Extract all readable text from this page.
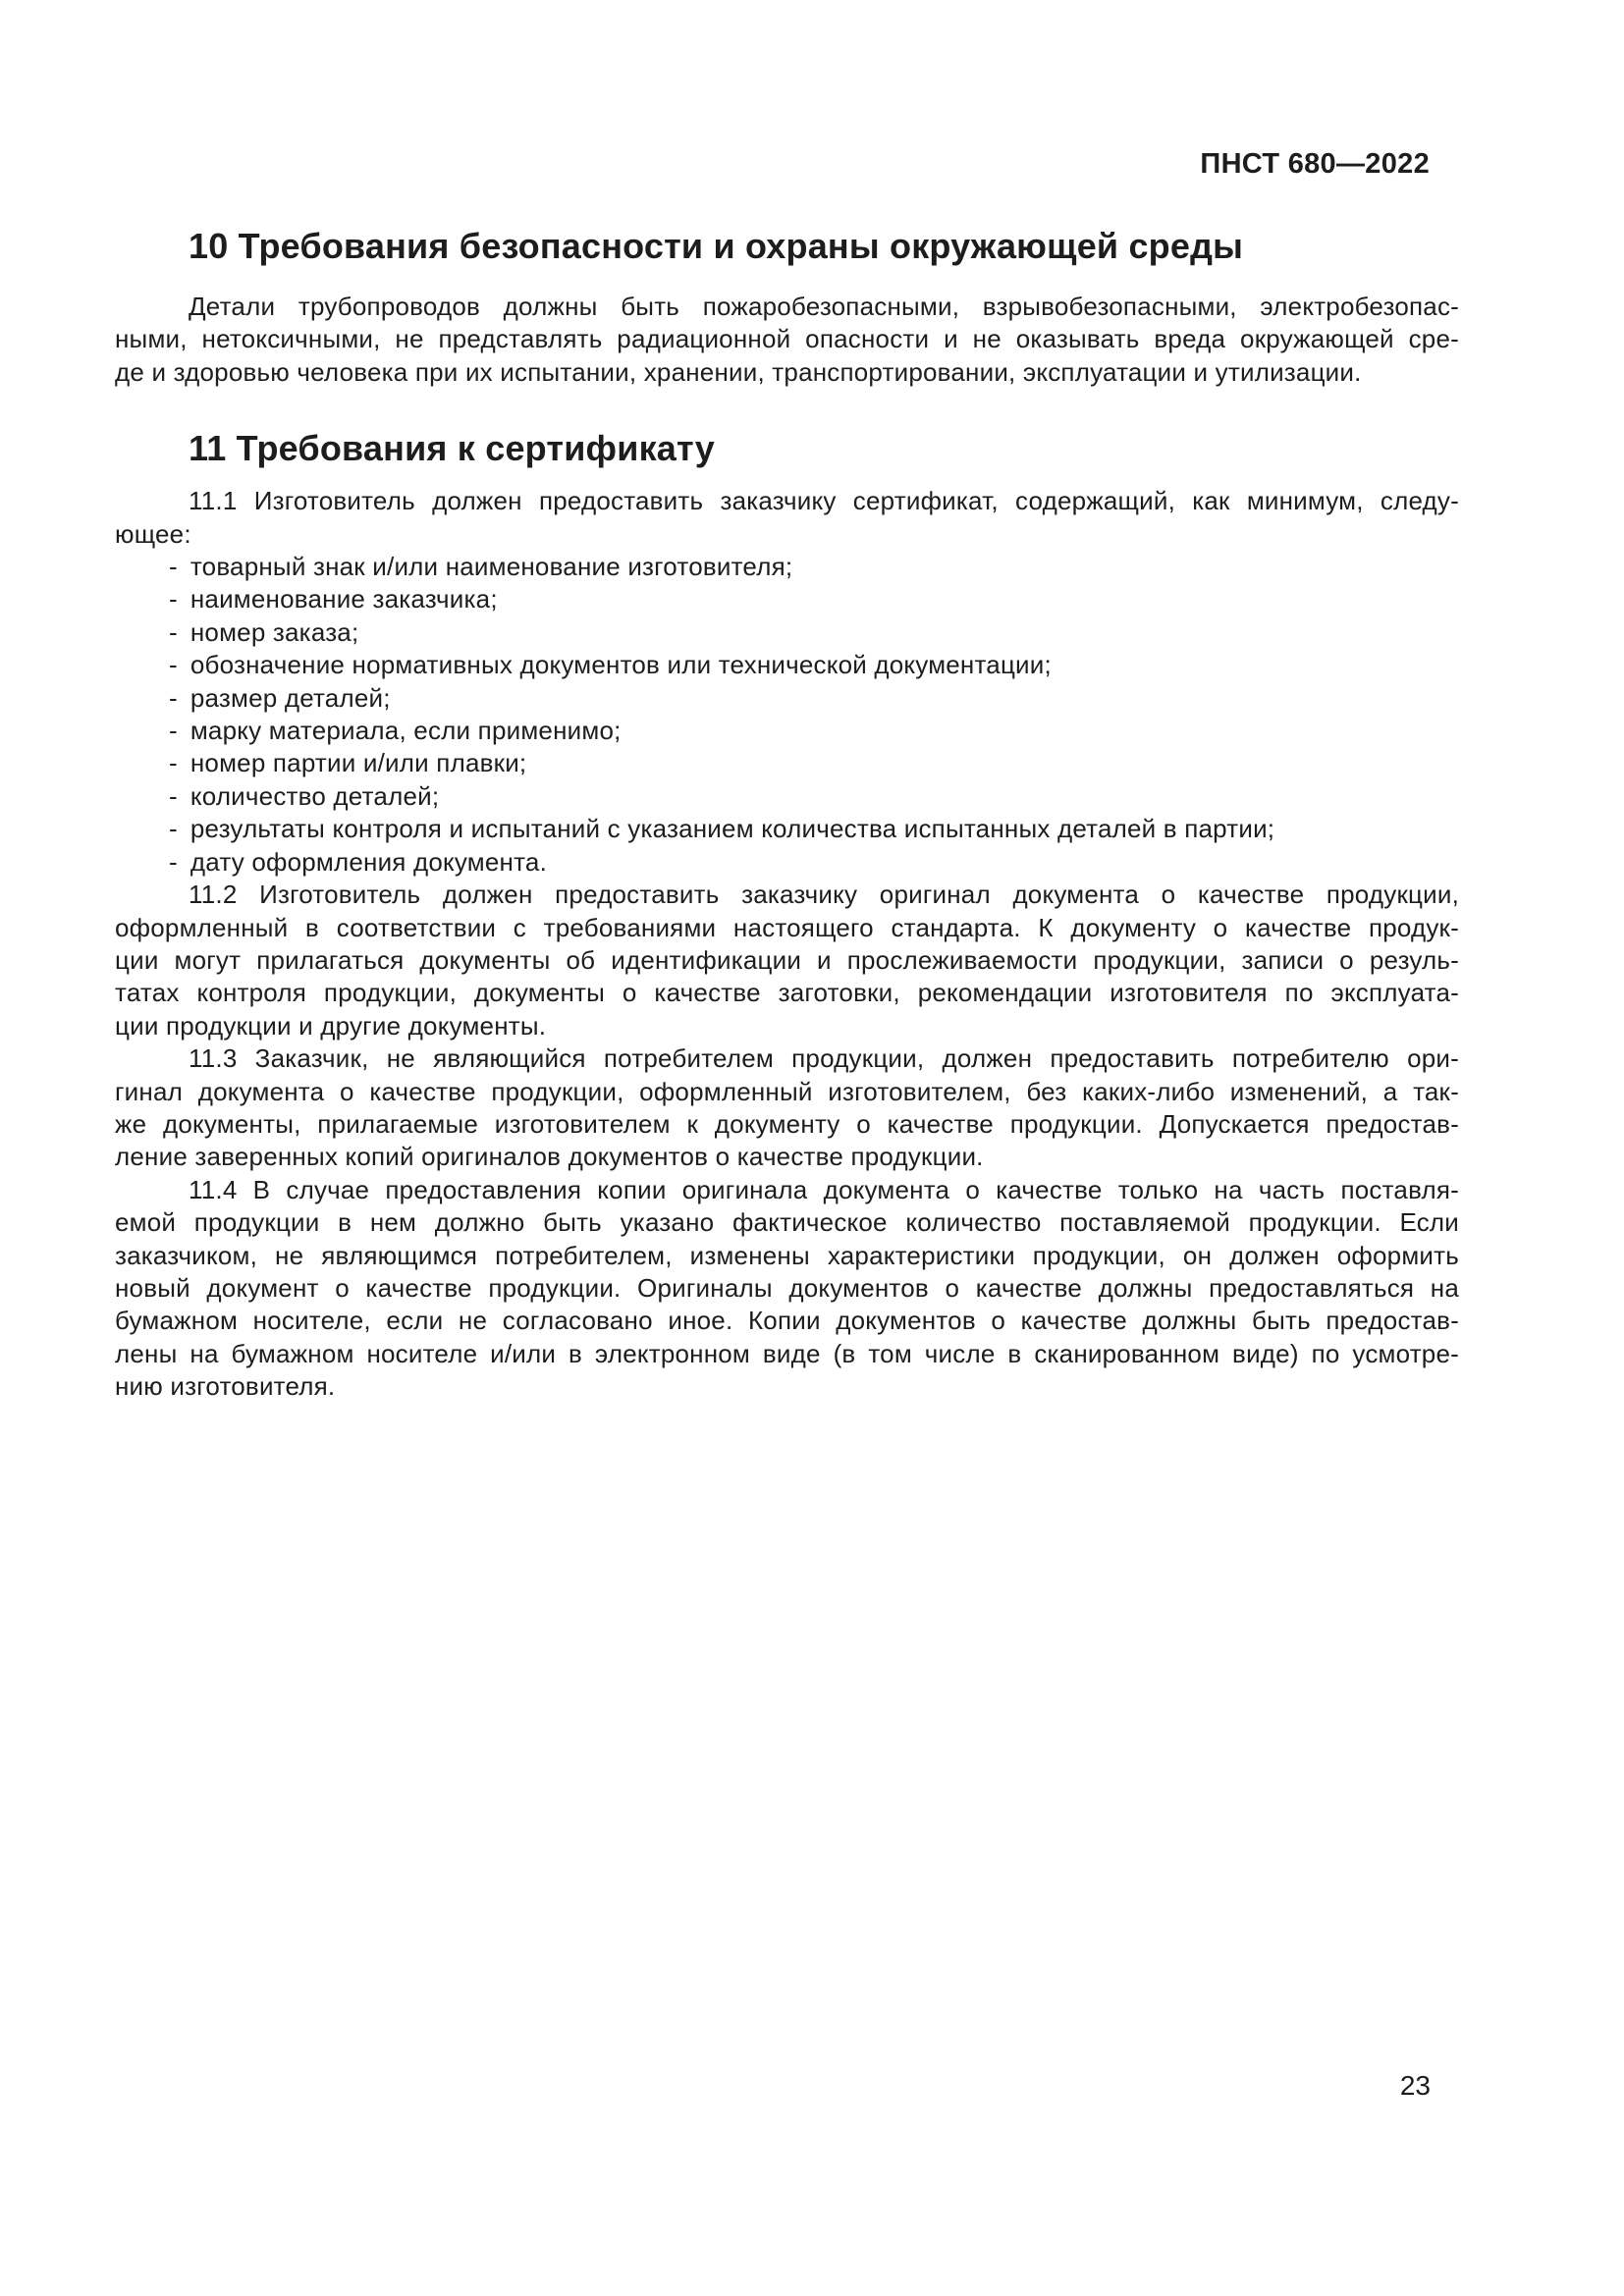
ПНСТ 680—2022
10 Требования безопасности и охраны окружающей среды
Детали трубопроводов должны быть пожаробезопасными, взрывобезопасными, электробезопас-
ными, нетоксичными, не представлять радиационной опасности и не оказывать вреда окружающей сре-
де и здоровью человека при их испытании, хранении, транспортировании, эксплуатации и утилизации.
11 Требования к сертификату
11.1 Изготовитель должен предоставить заказчику сертификат, содержащий, как минимум, следу-
ющее:
- товарный знак и/или наименование изготовителя;
- наименование заказчика;
- номер заказа;
- обозначение нормативных документов или технической документации;
- размер деталей;
- марку материала, если применимо;
- номер партии и/или плавки;
- количество деталей;
- результаты контроля и испытаний с указанием количества испытанных деталей в партии;
- дату оформления документа.
11.2 Изготовитель должен предоставить заказчику оригинал документа о качестве продукции,
оформленный в соответствии с требованиями настоящего стандарта. К документу о качестве продук-
ции могут прилагаться документы об идентификации и прослеживаемости продукции, записи о резуль-
татах контроля продукции, документы о качестве заготовки, рекомендации изготовителя по эксплуата-
ции продукции и другие документы.
11.3 Заказчик, не являющийся потребителем продукции, должен предоставить потребителю ори-
гинал документа о качестве продукции, оформленный изготовителем, без каких-либо изменений, а так-
же документы, прилагаемые изготовителем к документу о качестве продукции. Допускается предостав-
ление заверенных копий оригиналов документов о качестве продукции.
11.4 В случае предоставления копии оригинала документа о качестве только на часть поставля-
емой продукции в нем должно быть указано фактическое количество поставляемой продукции. Если
заказчиком, не являющимся потребителем, изменены характеристики продукции, он должен оформить
новый документ о качестве продукции. Оригиналы документов о качестве должны предоставляться на
бумажном носителе, если не согласовано иное. Копии документов о качестве должны быть предостав-
лены на бумажном носителе и/или в электронном виде (в том числе в сканированном виде) по усмотре-
нию изготовителя.
23
